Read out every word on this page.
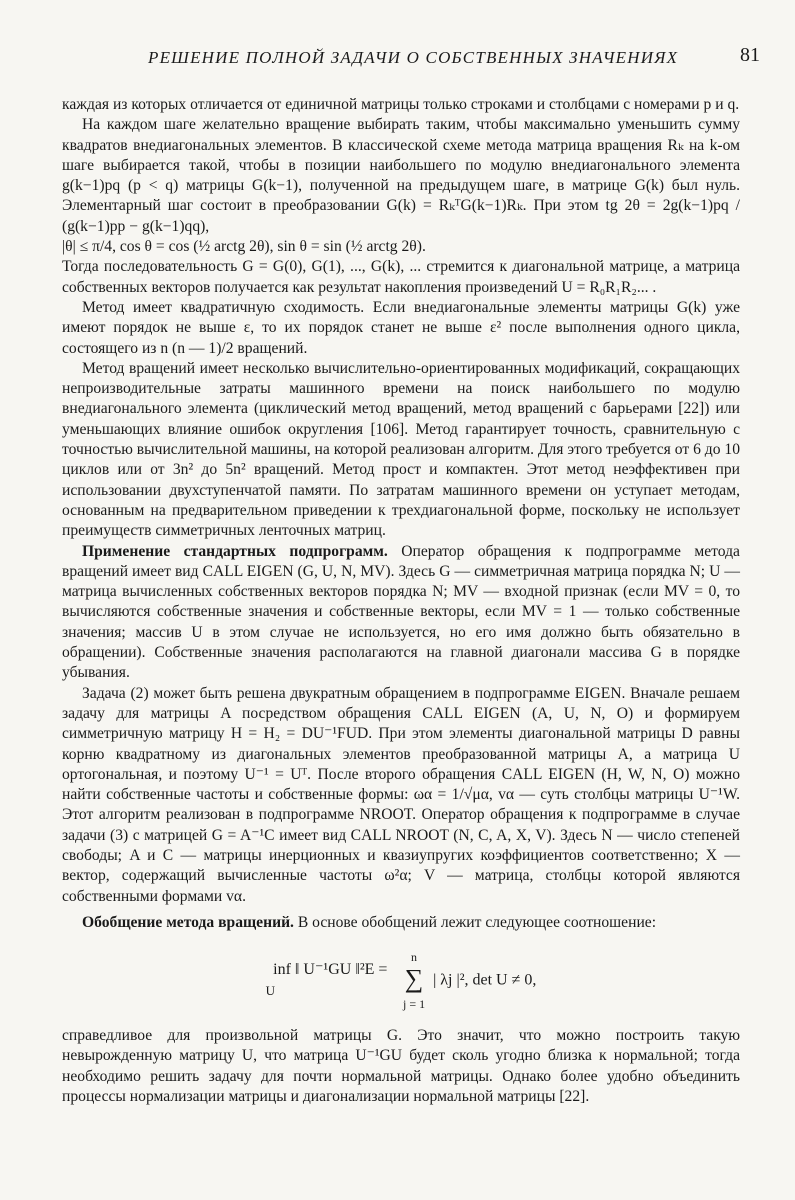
РЕШЕНИЕ ПОЛНОЙ ЗАДАЧИ О СОБСТВЕННЫХ ЗНАЧЕНИЯХ	81

каждая из которых отличается от единичной матрицы только строками и столбцами с номерами p и q.

На каждом шаге желательно вращение выбирать таким, чтобы максимально уменьшить сумму квадратов внедиагональных элементов. В классической схеме метода матрица вращения Rₖ на k-ом шаге выбирается такой, чтобы в позиции наибольшего по модулю внедиагонального элемента g(k−1)pq (p < q) матрицы G(k−1), полученной на предыдущем шаге, в матрице G(k) был нуль. Элементарный шаг состоит в преобразовании G(k) = RₖᵀG(k−1)Rₖ. При этом tg 2θ = 2g(k−1)pq / (g(k−1)pp − g(k−1)qq),

|θ| ≤ π/4, cos θ = cos (½ arctg 2θ), sin θ = sin (½ arctg 2θ).

Тогда последовательность G = G(0), G(1), ..., G(k), ... стремится к диагональной матрице, а матрица собственных векторов получается как результат накопления произведений U = R₀R₁R₂... .

Метод имеет квадратичную сходимость. Если внедиагональные элементы матрицы G(k) уже имеют порядок не выше ε, то их порядок станет не выше ε² после выполнения одного цикла, состоящего из n (n — 1)/2 вращений.

Метод вращений имеет несколько вычислительно-ориентированных модификаций, сокращающих непроизводительные затраты машинного времени на поиск наибольшего по модулю внедиагонального элемента (циклический метод вращений, метод вращений с барьерами [22]) или уменьшающих влияние ошибок округления [106]. Метод гарантирует точность, сравнительную с точностью вычислительной машины, на которой реализован алгоритм. Для этого требуется от 6 до 10 циклов или от 3n² до 5n² вращений. Метод прост и компактен. Этот метод неэффективен при использовании двухступенчатой памяти. По затратам машинного времени он уступает методам, основанным на предварительном приведении к трехдиагональной форме, поскольку не использует преимуществ симметричных ленточных матриц.

Применение стандартных подпрограмм. Оператор обращения к подпрограмме метода вращений имеет вид CALL EIGEN (G, U, N, MV). Здесь G — симметричная матрица порядка N; U — матрица вычисленных собственных векторов порядка N; MV — входной признак (если MV = 0, то вычисляются собственные значения и собственные векторы, если MV = 1 — только собственные значения; массив U в этом случае не используется, но его имя должно быть обязательно в обращении). Собственные значения располагаются на главной диагонали массива G в порядке убывания.

Задача (2) может быть решена двукратным обращением в подпрограмме EIGEN. Вначале решаем задачу для матрицы A посредством обращения CALL EIGEN (A, U, N, O) и формируем симметричную матрицу H = H₂ = DU⁻¹FUD. При этом элементы диагональной матрицы D равны корню квадратному из диагональных элементов преобразованной матрицы A, а матрица U ортогональная, и поэтому U⁻¹ = Uᵀ. После второго обращения CALL EIGEN (H, W, N, O) можно найти собственные частоты и собственные формы: ωα = 1/√μα, vα — суть столбцы матрицы U⁻¹W. Этот алгоритм реализован в подпрограмме NROOT. Оператор обращения к подпрограмме в случае задачи (3) с матрицей G = A⁻¹C имеет вид CALL NROOT (N, C, A, X, V). Здесь N — число степеней свободы; A и C — матрицы инерционных и квазиупругих коэффициентов соответственно; X — вектор, содержащий вычисленные частоты ω²α; V — матрица, столбцы которой являются собственными формами vα.

Обобщение метода вращений. В основе обобщений лежит следующее соотношение:

inf ‖ U⁻¹GU ‖²E =
U n
∑
j = 1 | λj |², det U ≠ 0,

справедливое для произвольной матрицы G. Это значит, что можно построить такую невырожденную матрицу U, что матрица U⁻¹GU будет сколь угодно близка к нормальной; тогда необходимо решить задачу для почти нормальной матрицы. Однако более удобно объединить процессы нормализации матрицы и диагонализации нормальной матрицы [22].
